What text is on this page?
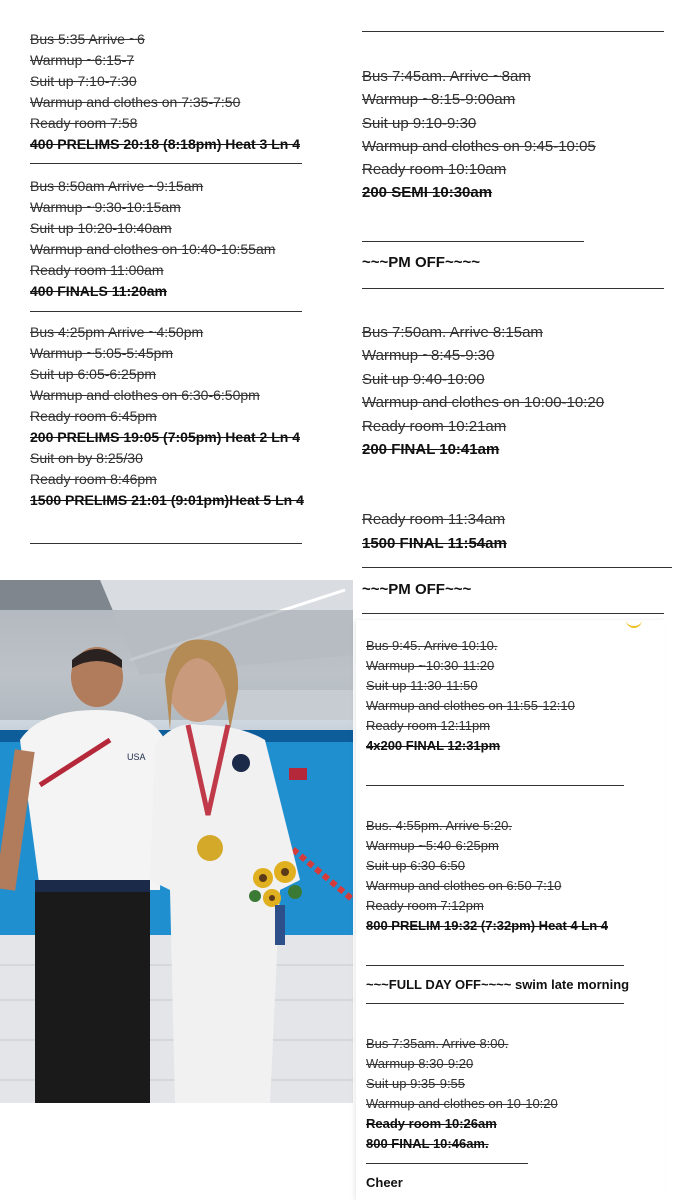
Bus 5:35 Arrive ~6
Warmup ~6:15-7
Suit up 7:10-7:30
Warmup and clothes on 7:35-7:50
Ready room 7:58
400 PRELIMS 20:18 (8:18pm) Heat 3 Ln 4
Bus 8:50am Arrive ~9:15am
Warmup ~9:30-10:15am
Suit up 10:20-10:40am
Warmup and clothes on 10:40-10:55am
Ready room 11:00am
400 FINALS 11:20am
Bus 4:25pm Arrive ~4:50pm
Warmup ~5:05-5:45pm
Suit up 6:05-6:25pm
Warmup and clothes on 6:30-6:50pm
Ready room 6:45pm
200 PRELIMS 19:05 (7:05pm) Heat 2 Ln 4
Suit on by 8:25/30
Ready room 8:46pm
1500 PRELIMS 21:01 (9:01pm)Heat 5 Ln 4
Bus 7:45am. Arrive ~8am
Warmup ~8:15-9:00am
Suit up 9:10-9:30
Warmup and clothes on 9:45-10:05
Ready room 10:10am
200 SEMI 10:30am
~~~PM OFF~~~~
Bus 7:50am. Arrive 8:15am
Warmup ~8:45-9:30
Suit up 9:40-10:00
Warmup and clothes on 10:00-10:20
Ready room 10:21am
200 FINAL 10:41am
Ready room 11:34am
1500 FINAL 11:54am
~~~PM OFF~~~
USA
Bus 9:45. Arrive 10:10.
Warmup ~10:30-11:20
Suit up 11:30-11:50
Warmup and clothes on 11:55-12:10
Ready room 12:11pm
4x200 FINAL 12:31pm
Bus. 4:55pm. Arrive 5:20.
Warmup ~5:40-6:25pm
Suit up 6:30-6:50
Warmup and clothes on 6:50-7:10
Ready room 7:12pm
800 PRELIM 19:32 (7:32pm) Heat 4 Ln 4
~~~FULL DAY OFF~~~~ swim late morning
Bus 7:35am. Arrive 8:00.
Warmup 8:30-9:20
Suit up 9:35-9:55
Warmup and clothes on 10-10:20
Ready room 10:26am
800 FINAL 10:46am.
Cheer
